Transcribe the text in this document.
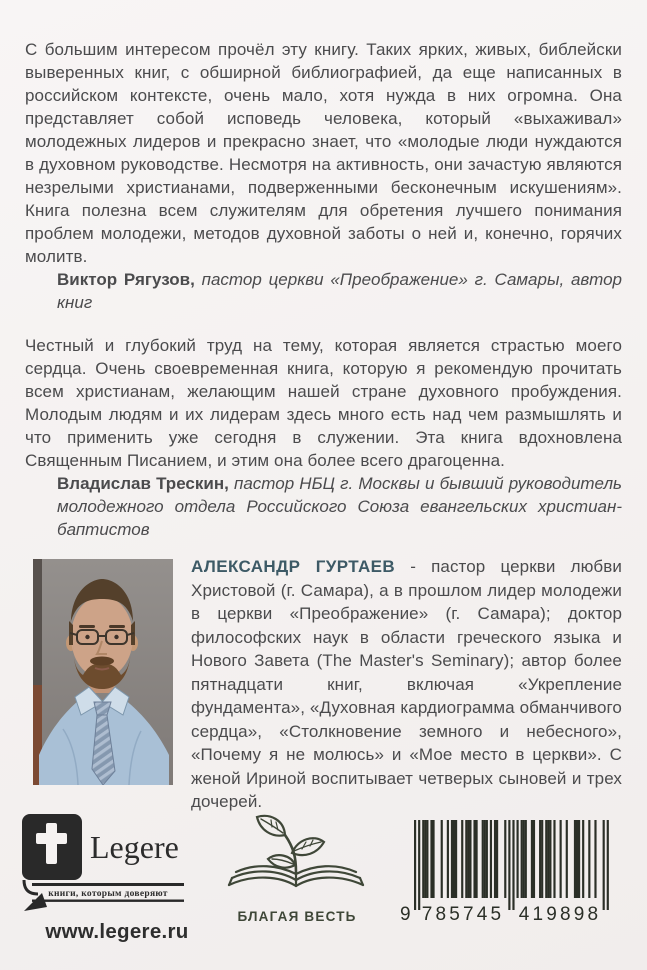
С большим интересом прочёл эту книгу. Таких ярких, живых, библейски выверенных книг, с обширной библиографией, да еще написанных в российском контексте, очень мало, хотя нужда в них огромна. Она представляет собой исповедь человека, который «выхаживал» молодежных лидеров и прекрасно знает, что «молодые люди нуждаются в духовном руководстве. Несмотря на активность, они зачастую являются незрелыми христианами, подверженными бесконечным искушениям». Книга полезна всем служителям для обретения лучшего понимания проблем молодежи, методов духовной заботы о ней и, конечно, горячих молитв.

Виктор Рягузов, пастор церкви «Преображение» г. Самары, автор книг

Честный и глубокий труд на тему, которая является страстью моего сердца. Очень своевременная книга, которую я рекомендую прочитать всем христианам, желающим нашей стране духовного пробуждения. Молодым людям и их лидерам здесь много есть над чем размышлять и что применить уже сегодня в служении. Эта книга вдохновлена Священным Писанием, и этим она более всего драгоценна.

Владислав Трескин, пастор НБЦ г. Москвы и бывший руководитель молодежного отдела Российского Союза евангельских христиан-баптистов

АЛЕКСАНДР ГУРТАЕВ - пастор церкви любви Христовой (г. Самара), а в прошлом лидер молодежи в церкви «Преображение» (г. Самара); доктор философских наук в области греческого языка и Нового Завета (The Master's Seminary); автор более пятнадцати книг, включая «Укрепление фундамента», «Духовная кардиограмма обманчивого сердца», «Столкновение земного и небесного», «Почему я не молюсь» и «Мое место в церкви». С женой Ириной воспитывает четверых сыновей и трех дочерей.

Legere
книги, которым доверяют
www.legere.ru
БЛАГАЯ ВЕСТЬ	9 785745 419898
